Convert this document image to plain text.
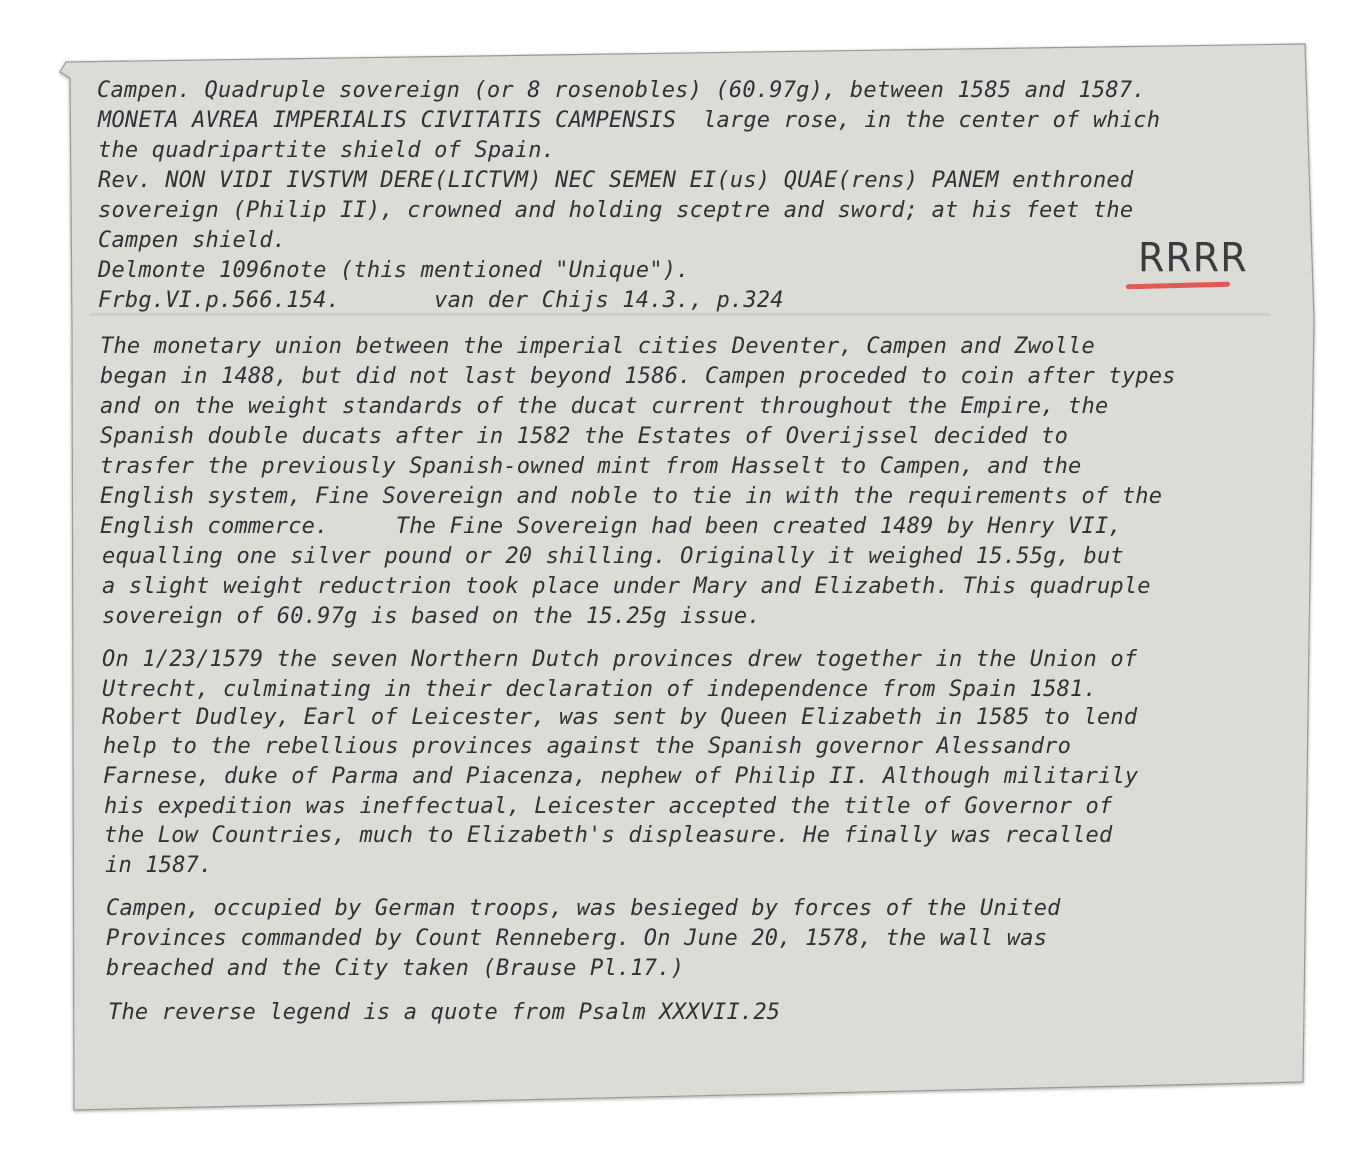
Campen. Quadruple sovereign (or 8 rosenobles) (60.97g), between 1585 and 1587.
MONETA AVREA IMPERIALIS CIVITATIS CAMPENSIS  large rose, in the center of which
the quadripartite shield of Spain.
Rev. NON VIDI IVSTVM DERE(LICTVM) NEC SEMEN EI(us) QUAE(rens) PANEM enthroned
sovereign (Philip II), crowned and holding sceptre and sword; at his feet the
Campen shield.
Delmonte 1096note (this mentioned "Unique").
Frbg.VI.p.566.154.       van der Chijs 14.3., p.324
RRRR
The monetary union between the imperial cities Deventer, Campen and Zwolle
began in 1488, but did not last beyond 1586. Campen proceded to coin after types
and on the weight standards of the ducat current throughout the Empire, the
Spanish double ducats after in 1582 the Estates of Overijssel decided to
trasfer the previously Spanish-owned mint from Hasselt to Campen, and the
English system, Fine Sovereign and noble to tie in with the requirements of the
English commerce.     The Fine Sovereign had been created 1489 by Henry VII,
equalling one silver pound or 20 shilling. Originally it weighed 15.55g, but
a slight weight reductrion took place under Mary and Elizabeth. This quadruple
sovereign of 60.97g is based on the 15.25g issue.
On 1/23/1579 the seven Northern Dutch provinces drew together in the Union of
Utrecht, culminating in their declaration of independence from Spain 1581.
Robert Dudley, Earl of Leicester, was sent by Queen Elizabeth in 1585 to lend
help to the rebellious provinces against the Spanish governor Alessandro
Farnese, duke of Parma and Piacenza, nephew of Philip II. Although militarily
his expedition was ineffectual, Leicester accepted the title of Governor of
the Low Countries, much to Elizabeth's displeasure. He finally was recalled
in 1587.
Campen, occupied by German troops, was besieged by forces of the United
Provinces commanded by Count Renneberg. On June 20, 1578, the wall was
breached and the City taken (Brause Pl.17.)
The reverse legend is a quote from Psalm XXXVII.25
